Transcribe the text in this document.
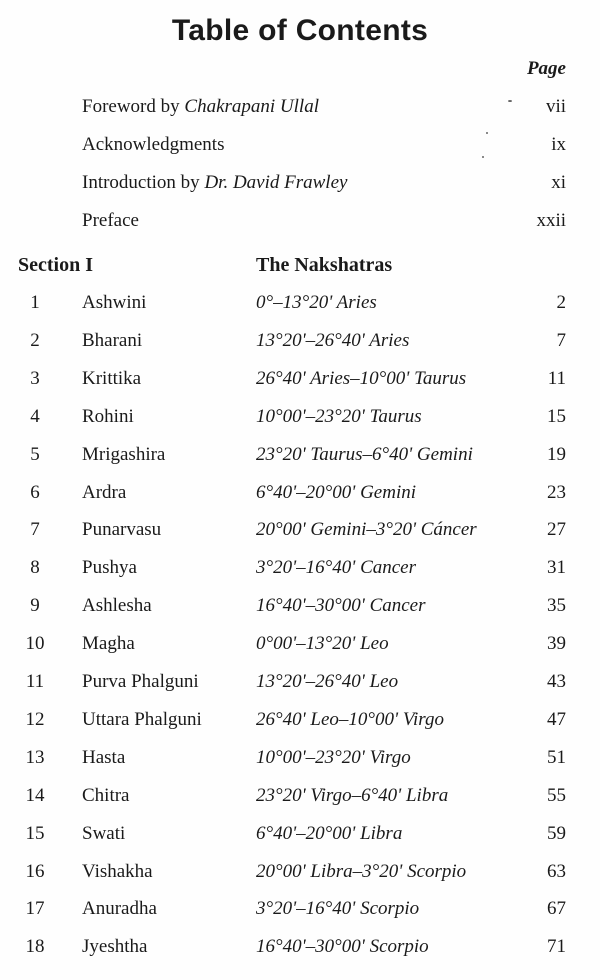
Table of Contents
Page
Foreword by Chakrapani Ullal	vii
Acknowledgments	ix
Introduction by Dr. David Frawley	xi
Preface	xxii
Section I	The Nakshatras
1	Ashwini	0°–13°20' Aries	2
2	Bharani	13°20'–26°40' Aries	7
3	Krittika	26°40' Aries–10°00' Taurus	11
4	Rohini	10°00'–23°20' Taurus	15
5	Mrigashira	23°20' Taurus–6°40' Gemini	19
6	Ardra	6°40'–20°00' Gemini	23
7	Punarvasu	20°00' Gemini–3°20' Cáncer	27
8	Pushya	3°20'–16°40' Cancer	31
9	Ashlesha	16°40'–30°00' Cancer	35
10 Magha	0°00'–13°20' Leo	39
11	Purva Phalguni	13°20'–26°40' Leo	43
12 Uttara Phalguni	26°40' Leo–10°00' Virgo	47
13 Hasta	10°00'–23°20' Virgo	51
14 Chitra	23°20' Virgo–6°40' Libra	55
15 Swati	6°40'–20°00' Libra	59
16 Vishakha	20°00' Libra–3°20' Scorpio	63
17 Anuradha	3°20'–16°40' Scorpio	67
18 Jyeshtha	16°40'–30°00' Scorpio	71
